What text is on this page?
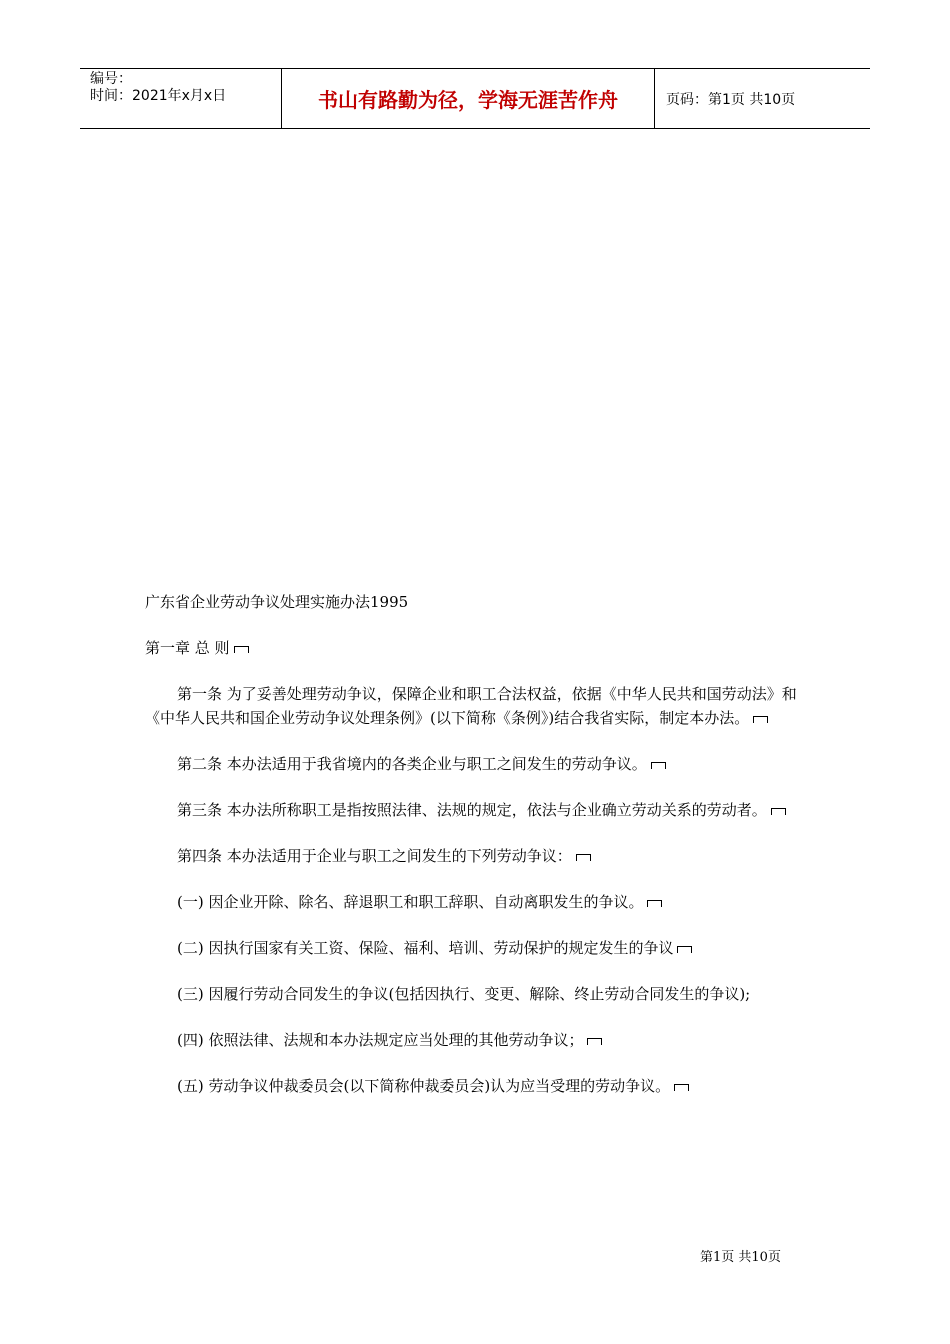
编号：
时间：2021年x月x日	书山有路勤为径，学海无涯苦作舟	页码：第1页 共10页

广东省企业劳动争议处理实施办法1995

第一章 总 则

第一条 为了妥善处理劳动争议，保障企业和职工合法权益，依据《中华人民共和国劳动法》和《中华人民共和国企业劳动争议处理条例》(以下简称《条例》)结合我省实际，制定本办法。

第二条 本办法适用于我省境内的各类企业与职工之间发生的劳动争议。

第三条 本办法所称职工是指按照法律、法规的规定，依法与企业确立劳动关系的劳动者。

第四条 本办法适用于企业与职工之间发生的下列劳动争议：

(一) 因企业开除、除名、辞退职工和职工辞职、自动离职发生的争议。

(二) 因执行国家有关工资、保险、福利、培训、劳动保护的规定发生的争议

(三) 因履行劳动合同发生的争议(包括因执行、变更、解除、终止劳动合同发生的争议);

(四) 依照法律、法规和本办法规定应当处理的其他劳动争议；

(五) 劳动争议仲裁委员会(以下简称仲裁委员会)认为应当受理的劳动争议。

第1页 共10页
